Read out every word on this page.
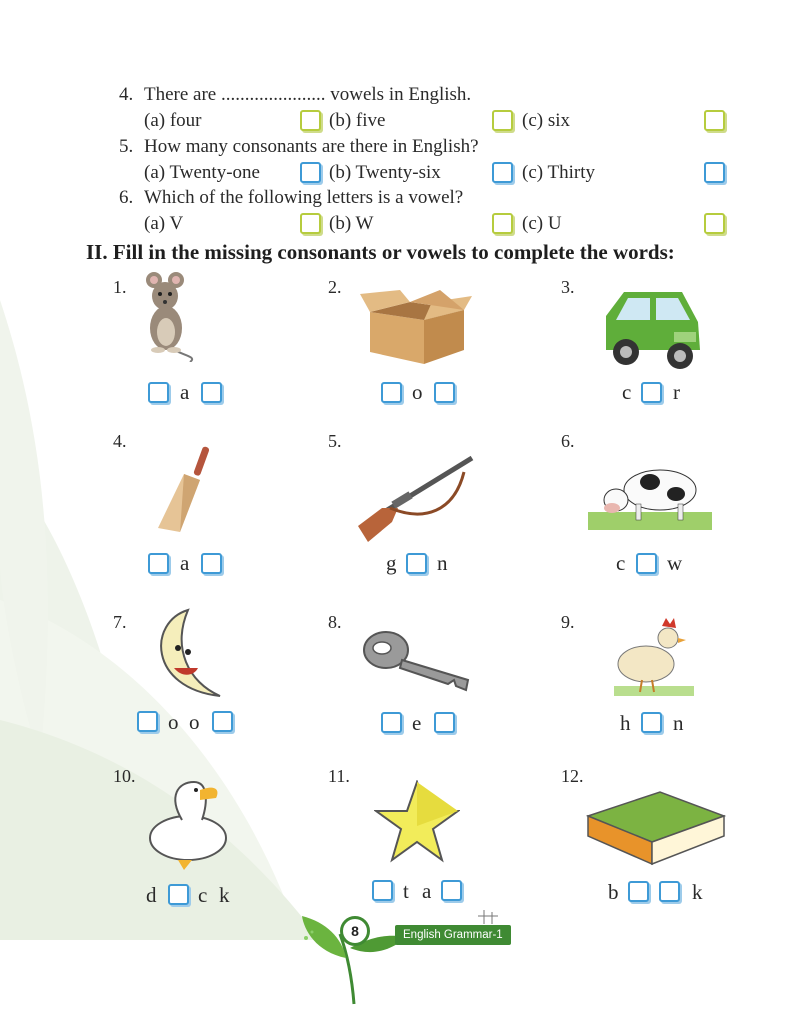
4. There are ...................... vowels in English.
(a) four	(b) five	(c) six
5. How many consonants are there in English?
(a) Twenty-one	(b) Twenty-six	(c) Thirty
6. Which of the following letters is a vowel?
(a) V	(b) W	(c) U
II. Fill in the missing consonants or vowels to complete the words:
1.
a
2.
o
3.
c r
4.
a
5.
g n
6.
c w
7.
o o
8.
e
9.
h n
10.
d c k
11.
t a
12.
b	k
8	English Grammar-1
